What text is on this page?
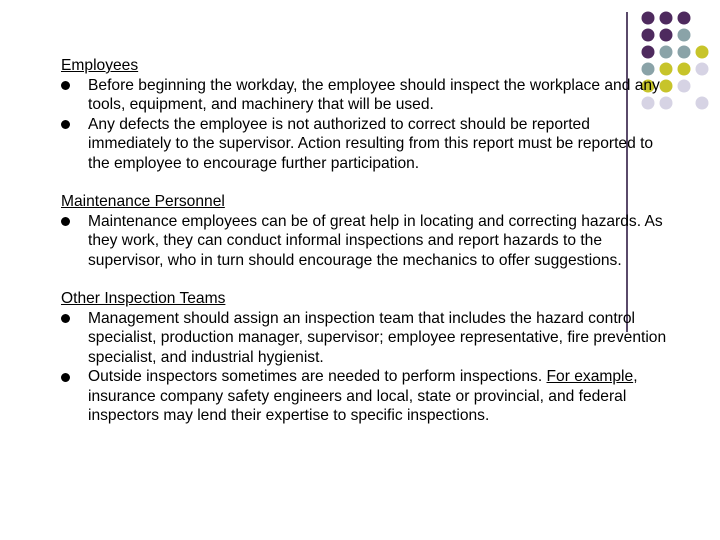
Employees
Before beginning the workday, the employee should inspect the workplace and any tools, equipment, and machinery that will be used.
Any defects the employee is not authorized to correct should be reported immediately to the supervisor. Action resulting from this report must be reported to the employee to encourage further participation.
Maintenance Personnel
Maintenance employees can be of great help in locating and correcting hazards. As they work, they can conduct informal inspections and report hazards to the supervisor, who in turn should encourage the mechanics to offer suggestions.
Other Inspection Teams
Management should assign an inspection team that includes the hazard control specialist, production manager, supervisor; employee representative, fire prevention specialist, and industrial hygienist.
Outside inspectors sometimes are needed to perform inspections. For example, insurance company safety engineers and local, state or provincial, and federal inspectors may lend their expertise to specific inspections.
